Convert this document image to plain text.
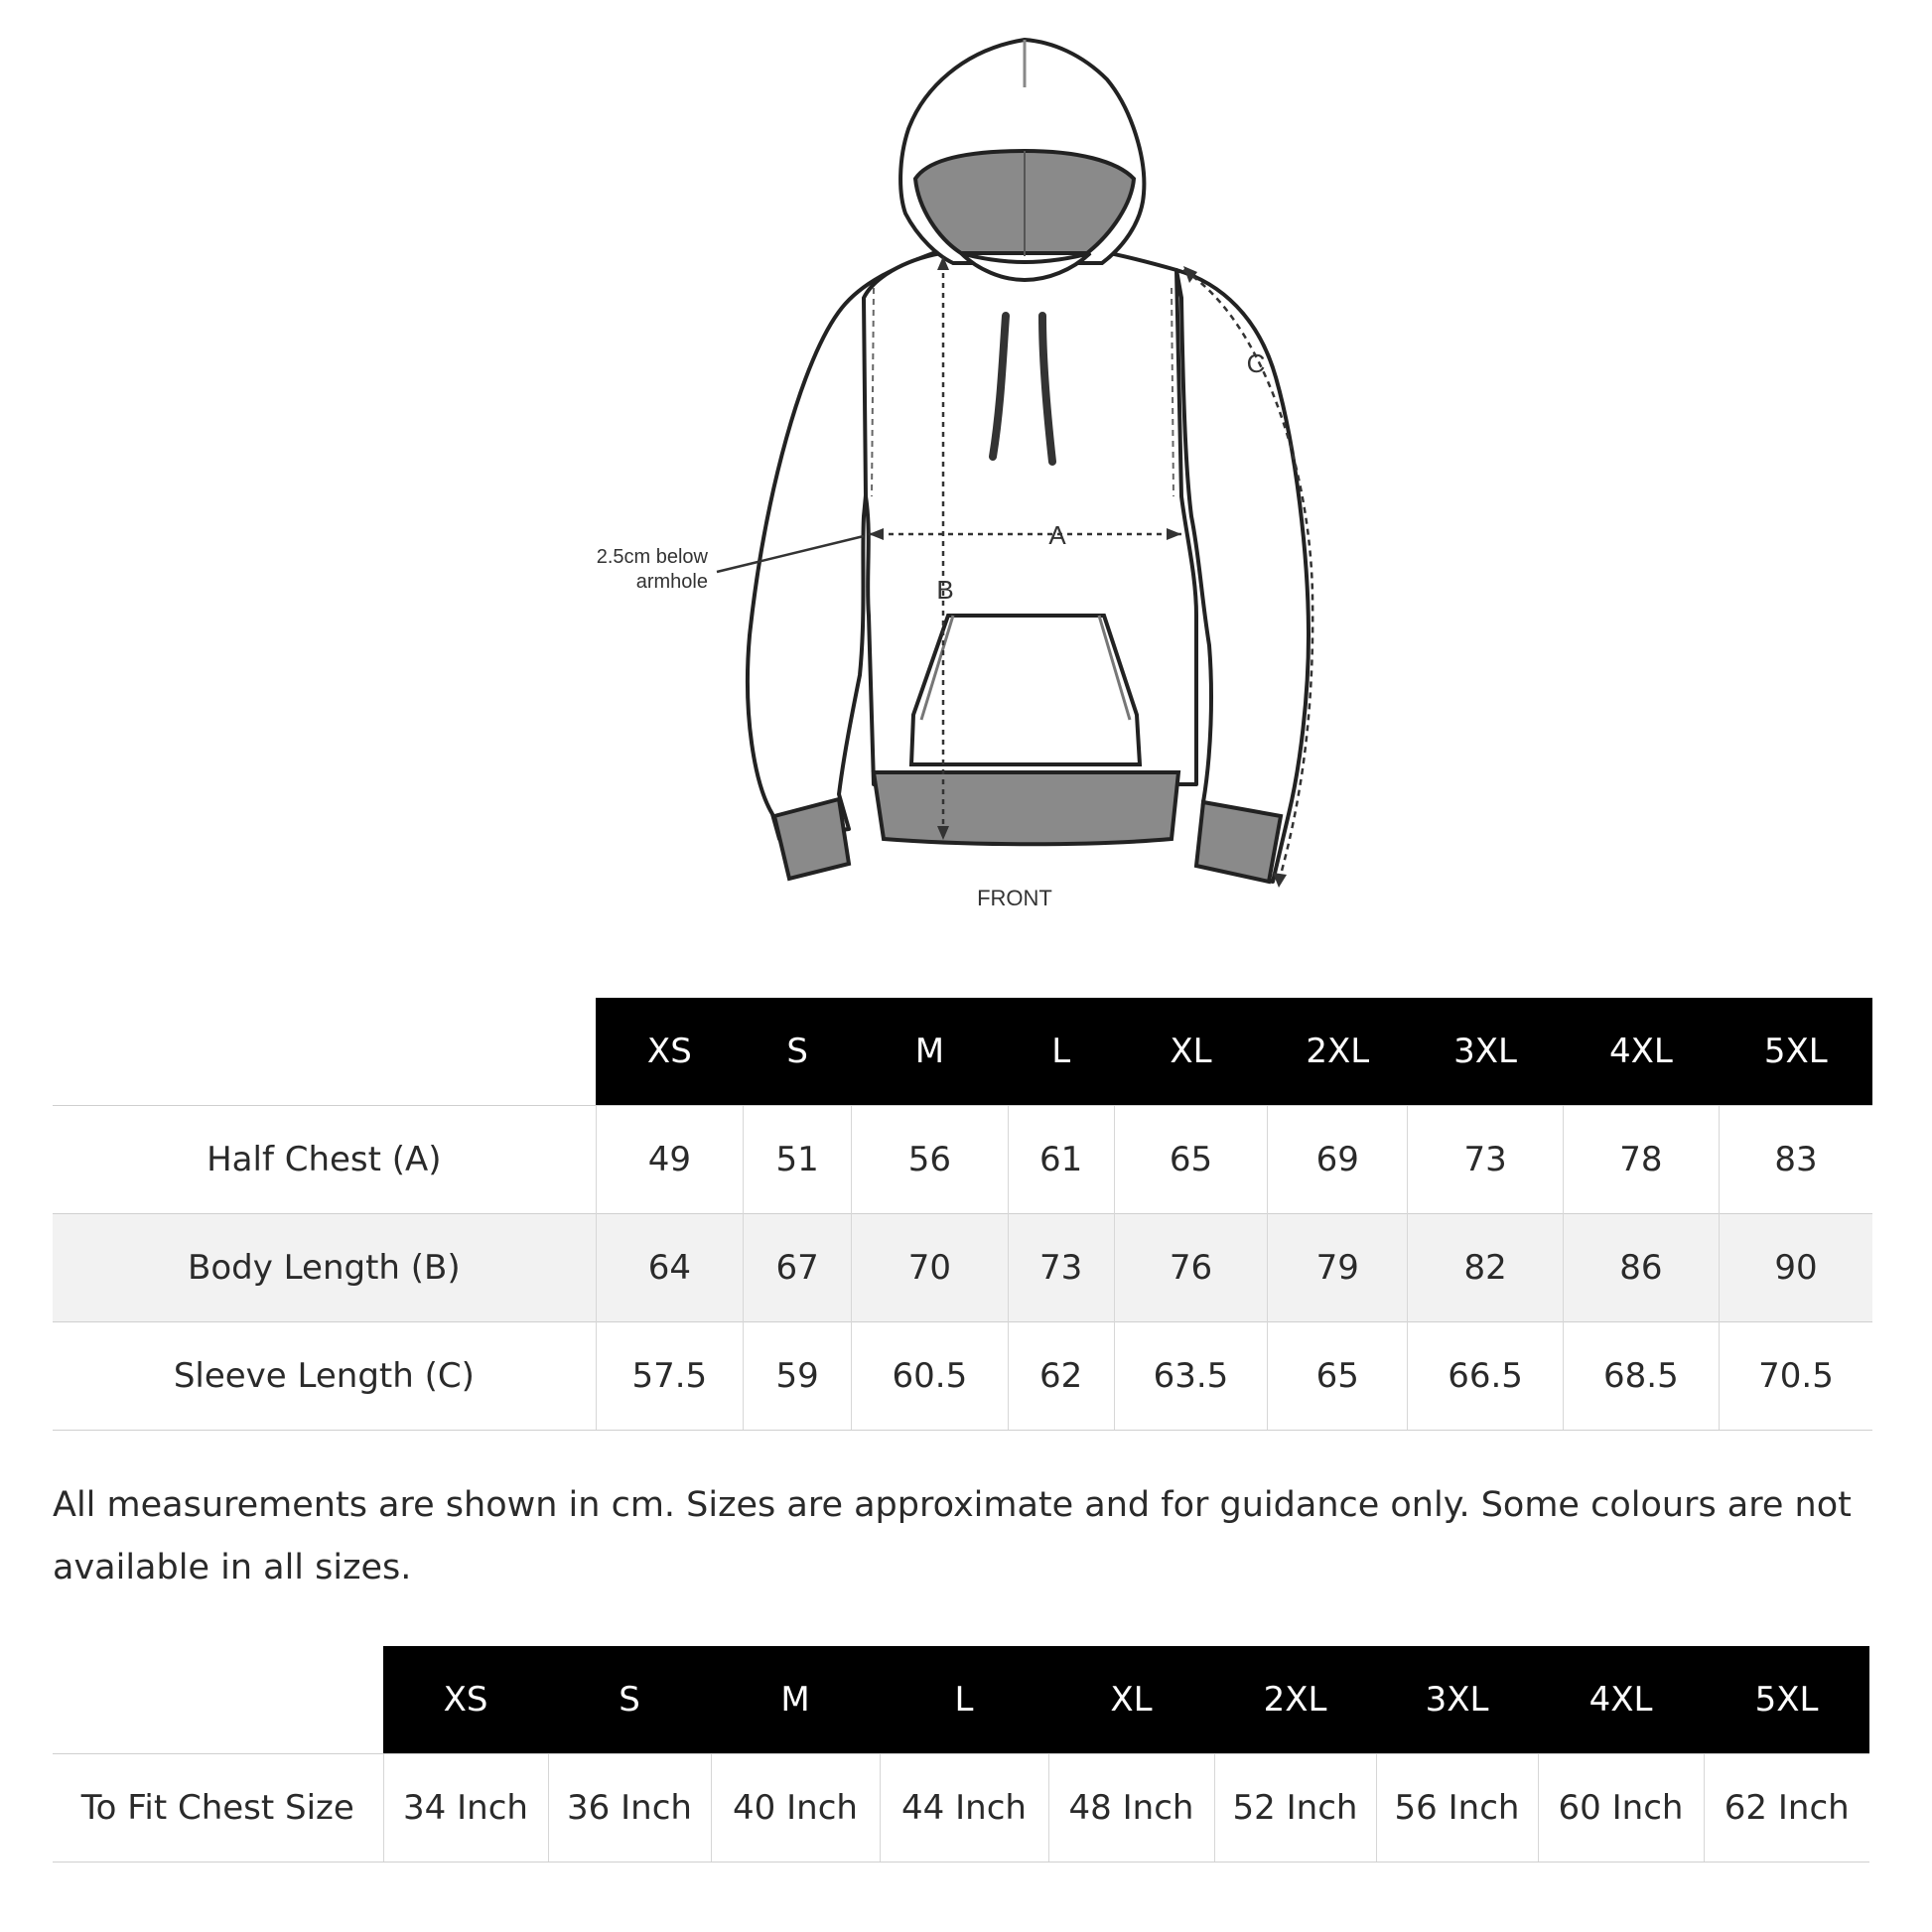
A
B
C
2.5cm below
armhole
FRONT
	XS	S	M	L	XL	2XL	3XL	4XL	5XL
Half Chest (A)	49	51	56	61	65	69	73	78	83
Body Length (B)	64	67	70	73	76	79	82	86	90
Sleeve Length (C)	57.5	59	60.5	62	63.5	65	66.5	68.5	70.5

All measurements are shown in cm. Sizes are approximate and for guidance only. Some colours are not available in all sizes.

	XS	S	M	L	XL	2XL	3XL	4XL	5XL
To Fit Chest Size	34 Inch	36 Inch	40 Inch	44 Inch	48 Inch	52 Inch	56 Inch	60 Inch	62 Inch
